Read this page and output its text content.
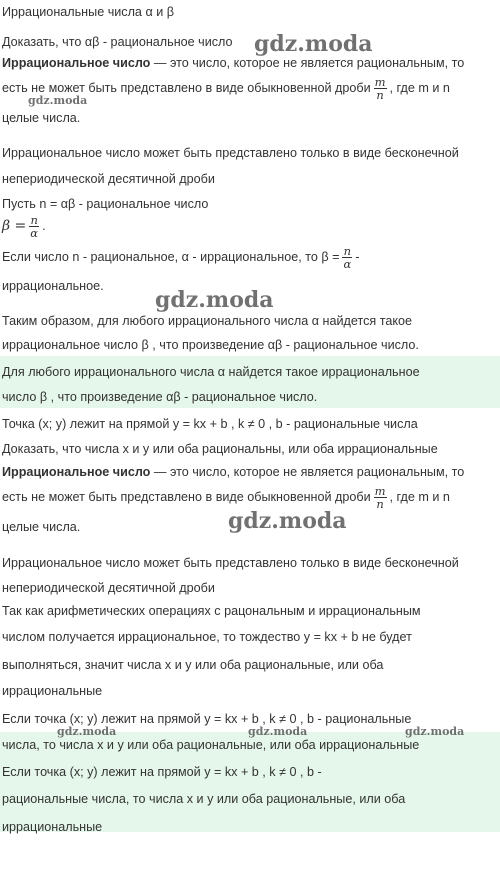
Иррациональные числа α и β
Доказать, что αβ - рациональное число
Иррациональное число — это число, которое не является рациональным, то
есть не может быть представлено в виде обыкновенной дроби $\frac{m}{n}$ , где m и n
целые числа.
Иррациональное число может быть представлено только в виде бесконечной
непериодической десятичной дроби
Пусть n = αβ - рациональное число
$\beta = \frac{n}{\alpha}$ .
Если число n - рациональное, α - иррациональное, то $\beta = \frac{n}{\alpha}$ -
иррациональное.
Таким образом, для любого иррационального числа α найдется такое
иррациональное число β , что произведение αβ - рациональное число.
Для любого иррационального числа α найдется такое иррациональное
число β , что произведение αβ - рациональное число.
Точка (x; y) лежит на прямой y = kx + b , k ≠ 0 , b - рациональные числа
Доказать, что числа x и y или оба рациональны, или оба иррациональные
Иррациональное число — это число, которое не является рациональным, то
есть не может быть представлено в виде обыкновенной дроби $\frac{m}{n}$ , где m и n
целые числа.
Иррациональное число может быть представлено только в виде бесконечной
непериодической десятичной дроби
Так как арифметических операциях с рацональным и иррациональным
числом получается иррациональное, то тождество y = kx + b не будет
выполняться, значит числа x и y или оба рациональные, или оба
иррациональные
Если точка (x; y) лежит на прямой y = kx + b , k ≠ 0 , b - рациональные
числа, то числа x и y или оба рациональные, или оба иррациональные
Если точка (x; y) лежит на прямой y = kx + b , k ≠ 0 , b -
рациональные числа, то числа x и y или оба рациональные, или оба
иррациональные
gdz.moda
gdz.moda
gdz.moda
gdz.moda
gdz.moda	gdz.moda	gdz.moda
